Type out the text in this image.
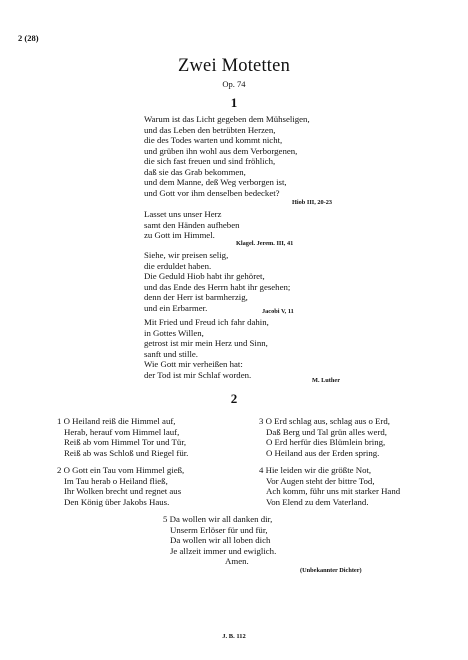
2 (28)
Zwei Motetten
Op. 74
1
Warum ist das Licht gegeben dem Mühseligen,
und das Leben den betrübten Herzen,
die des Todes warten und kommt nicht,
und grüben ihn wohl aus dem Verborgenen,
die sich fast freuen und sind fröhlich,
daß sie das Grab bekommen,
und dem Manne, deß Weg verborgen ist,
und Gott vor ihm denselben bedecket?
Hiob III, 20-23
Lasset uns unser Herz
samt den Händen aufheben
zu Gott im Himmel.
Klagel. Jerem. III, 41
Siehe, wir preisen selig,
die erduldet haben.
Die Geduld Hiob habt ihr gehöret,
und das Ende des Herrn habt ihr gesehen;
denn der Herr ist barmherzig,
und ein Erbarmer.	Jacobi V, 11
Mit Fried und Freud ich fahr dahin,
in Gottes Willen,
getrost ist mir mein Herz und Sinn,
sanft und stille.
Wie Gott mir verheißen hat:
der Tod ist mir Schlaf worden.
M. Luther
2
1 O Heiland reiß die Himmel auf,
Herab, herauf vom Himmel lauf,
Reiß ab vom Himmel Tor und Tür,
Reiß ab was Schloß und Riegel für.
2 O Gott ein Tau vom Himmel gieß,
Im Tau herab o Heiland fließ,
Ihr Wolken brecht und regnet aus
Den König über Jakobs Haus.
3 O Erd schlag aus, schlag aus o Erd,
Daß Berg und Tal grün alles werd,
O Erd herfür dies Blümlein bring,
O Heiland aus der Erden spring.
4 Hie leiden wir die größte Not,
Vor Augen steht der bittre Tod,
Ach komm, führ uns mit starker Hand
Von Elend zu dem Vaterland.
5 Da wollen wir all danken dir,
Unserm Erlöser für und für,
Da wollen wir all loben dich
Je allzeit immer und ewiglich.
Amen.
(Unbekannter Dichter)
J. B. 112
